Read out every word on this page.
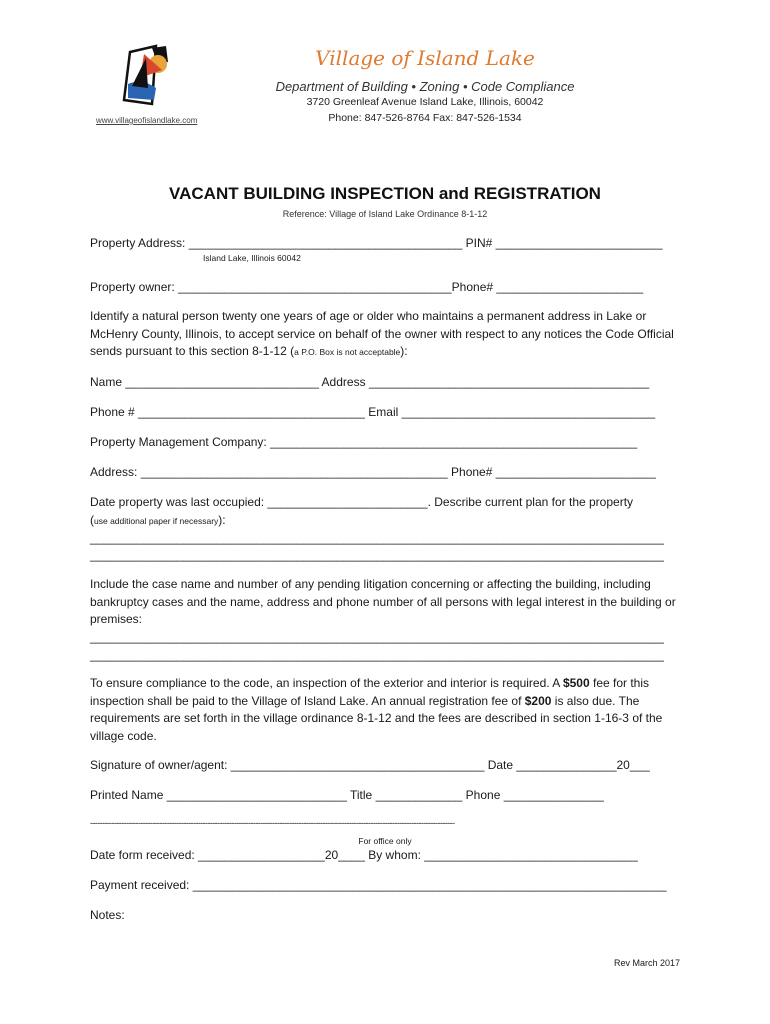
www.villageofislandlake.com
Village of Island Lake
Department of Building • Zoning • Code Compliance
3720 Greenleaf Avenue Island Lake, Illinois, 60042
Phone: 847-526-8764 Fax: 847-526-1534
VACANT BUILDING INSPECTION and REGISTRATION
Reference: Village of Island Lake Ordinance 8-1-12
Property Address: _________________________________________ PIN# _________________________
Island Lake, Illinois 60042
Property owner: _________________________________________Phone# ______________________
Identify a natural person twenty one years of age or older who maintains a permanent address in Lake or McHenry County, Illinois, to accept service on behalf of the owner with respect to any notices the Code Official sends pursuant to this section 8-1-12 (a P.O. Box is not acceptable):
Name _____________________________ Address __________________________________________
Phone # __________________________________ Email ______________________________________
Property Management Company: _______________________________________________________
Address: ______________________________________________ Phone# ________________________
Date property was last occupied: ________________________. Describe current plan for the property
(use additional paper if necessary):
______________________________________________________________________________________
______________________________________________________________________________________
Include the case name and number of any pending litigation concerning or affecting the building, including bankruptcy cases and the name, address and phone number of all persons with legal interest in the building or premises:
______________________________________________________________________________________
______________________________________________________________________________________
To ensure compliance to the code, an inspection of the exterior and interior is required. A $500 fee for this inspection shall be paid to the Village of Island Lake. An annual registration fee of $200 is also due. The requirements are set forth in the village ordinance 8-1-12 and the fees are described in section 1-16-3 of the village code.
Signature of owner/agent: ______________________________________ Date _______________20___
Printed Name ___________________________ Title _____________ Phone _______________
--------------------------------------------------------------------------------------------------------------------------------------------------------
For office only
Date form received: ___________________20____ By whom: ________________________________
Payment received: _______________________________________________________________________
Notes:
Rev March 2017
